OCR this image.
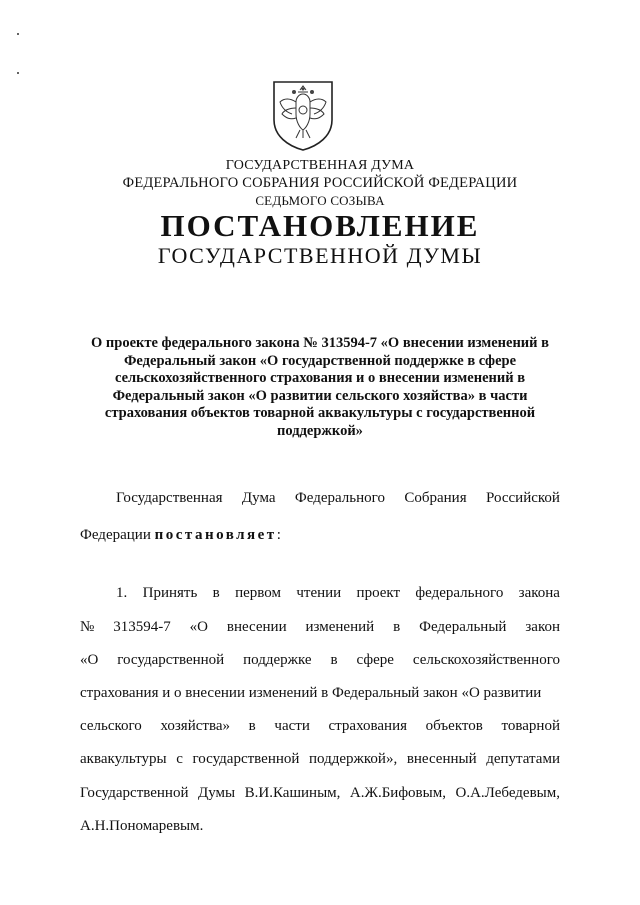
ГОСУДАРСТВЕННАЯ ДУМА
ФЕДЕРАЛЬНОГО СОБРАНИЯ РОССИЙСКОЙ ФЕДЕРАЦИИ
СЕДЬМОГО СОЗЫВА
ПОСТАНОВЛЕНИЕ
ГОСУДАРСТВЕННОЙ ДУМЫ
О проекте федерального закона № 313594-7 «О внесении изменений в
Федеральный закон «О государственной поддержке в сфере
сельскохозяйственного страхования и о внесении изменений в
Федеральный закон «О развитии сельского хозяйства» в части
страхования объектов товарной аквакультуры с государственной
поддержкой»
Государственная Дума Федерального Собрания Российской
Федерации постановляет:
1. Принять в первом чтении проект федерального закона
№ 313594-7 «О внесении изменений в Федеральный закон
«О государственной поддержке в сфере сельскохозяйственного
страхования и о внесении изменений в Федеральный закон «О развитии
сельского хозяйства» в части страхования объектов товарной
аквакультуры с государственной поддержкой», внесенный депутатами
Государственной Думы В.И.Кашиным, А.Ж.Бифовым, О.А.Лебедевым,
А.Н.Пономаревым.
